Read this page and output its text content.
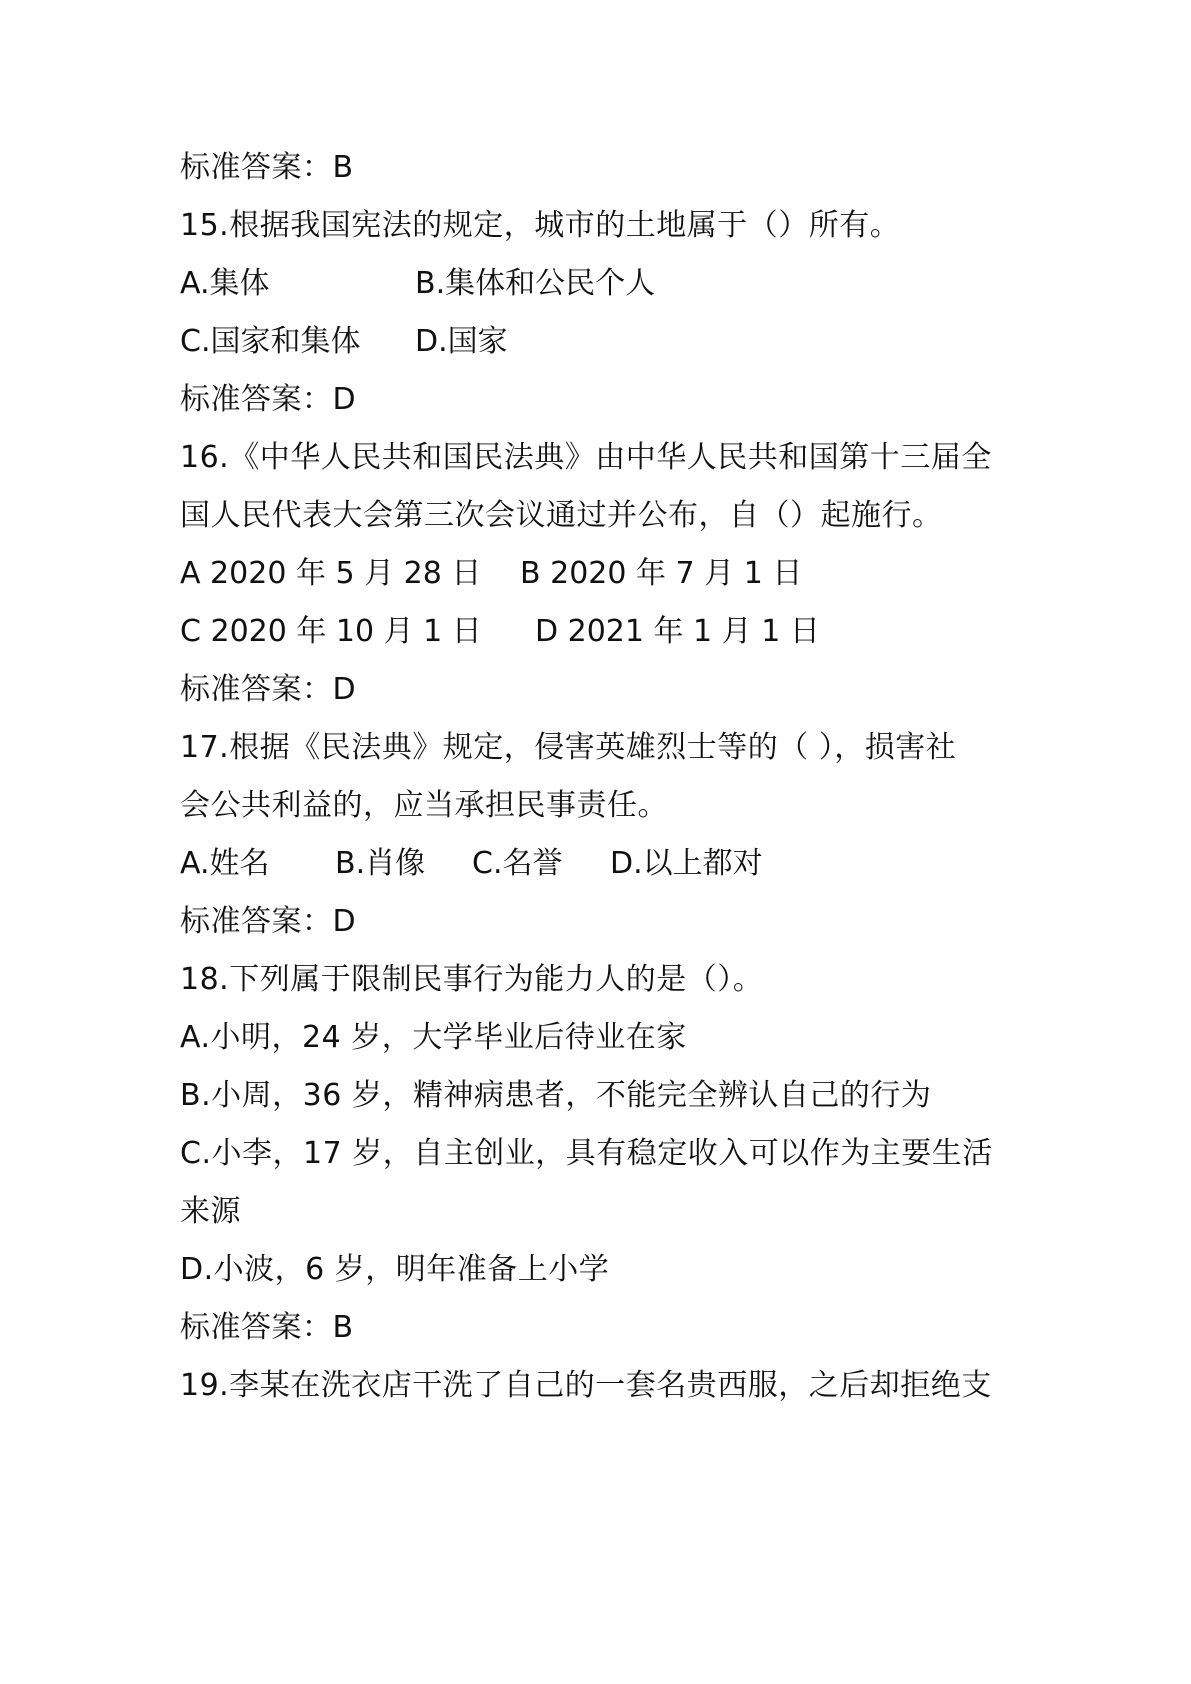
标准答案：B
15.根据我国宪法的规定，城市的土地属于（）所有。
A.集体	B.集体和公民个人
C.国家和集体 D.国家
标准答案：D
16.《中华人民共和国民法典》由中华人民共和国第十三届全
国人民代表大会第三次会议通过并公布，自（）起施行。
A 2020 年 5 月 28 日 B 2020 年 7 月 1 日
C 2020 年 10 月 1 日 D 2021 年 1 月 1 日
标准答案：D
17.根据《民法典》规定，侵害英雄烈士等的（ ），损害社
会公共利益的，应当承担民事责任。
A.姓名 B.肖像 C.名誉 D.以上都对
标准答案：D
18.下列属于限制民事行为能力人的是（）。
A.小明，24 岁，大学毕业后待业在家
B.小周，36 岁，精神病患者，不能完全辨认自己的行为
C.小李，17 岁，自主创业，具有稳定收入可以作为主要生活
来源
D.小波，6 岁，明年准备上小学
标准答案：B
19.李某在洗衣店干洗了自己的一套名贵西服，之后却拒绝支
